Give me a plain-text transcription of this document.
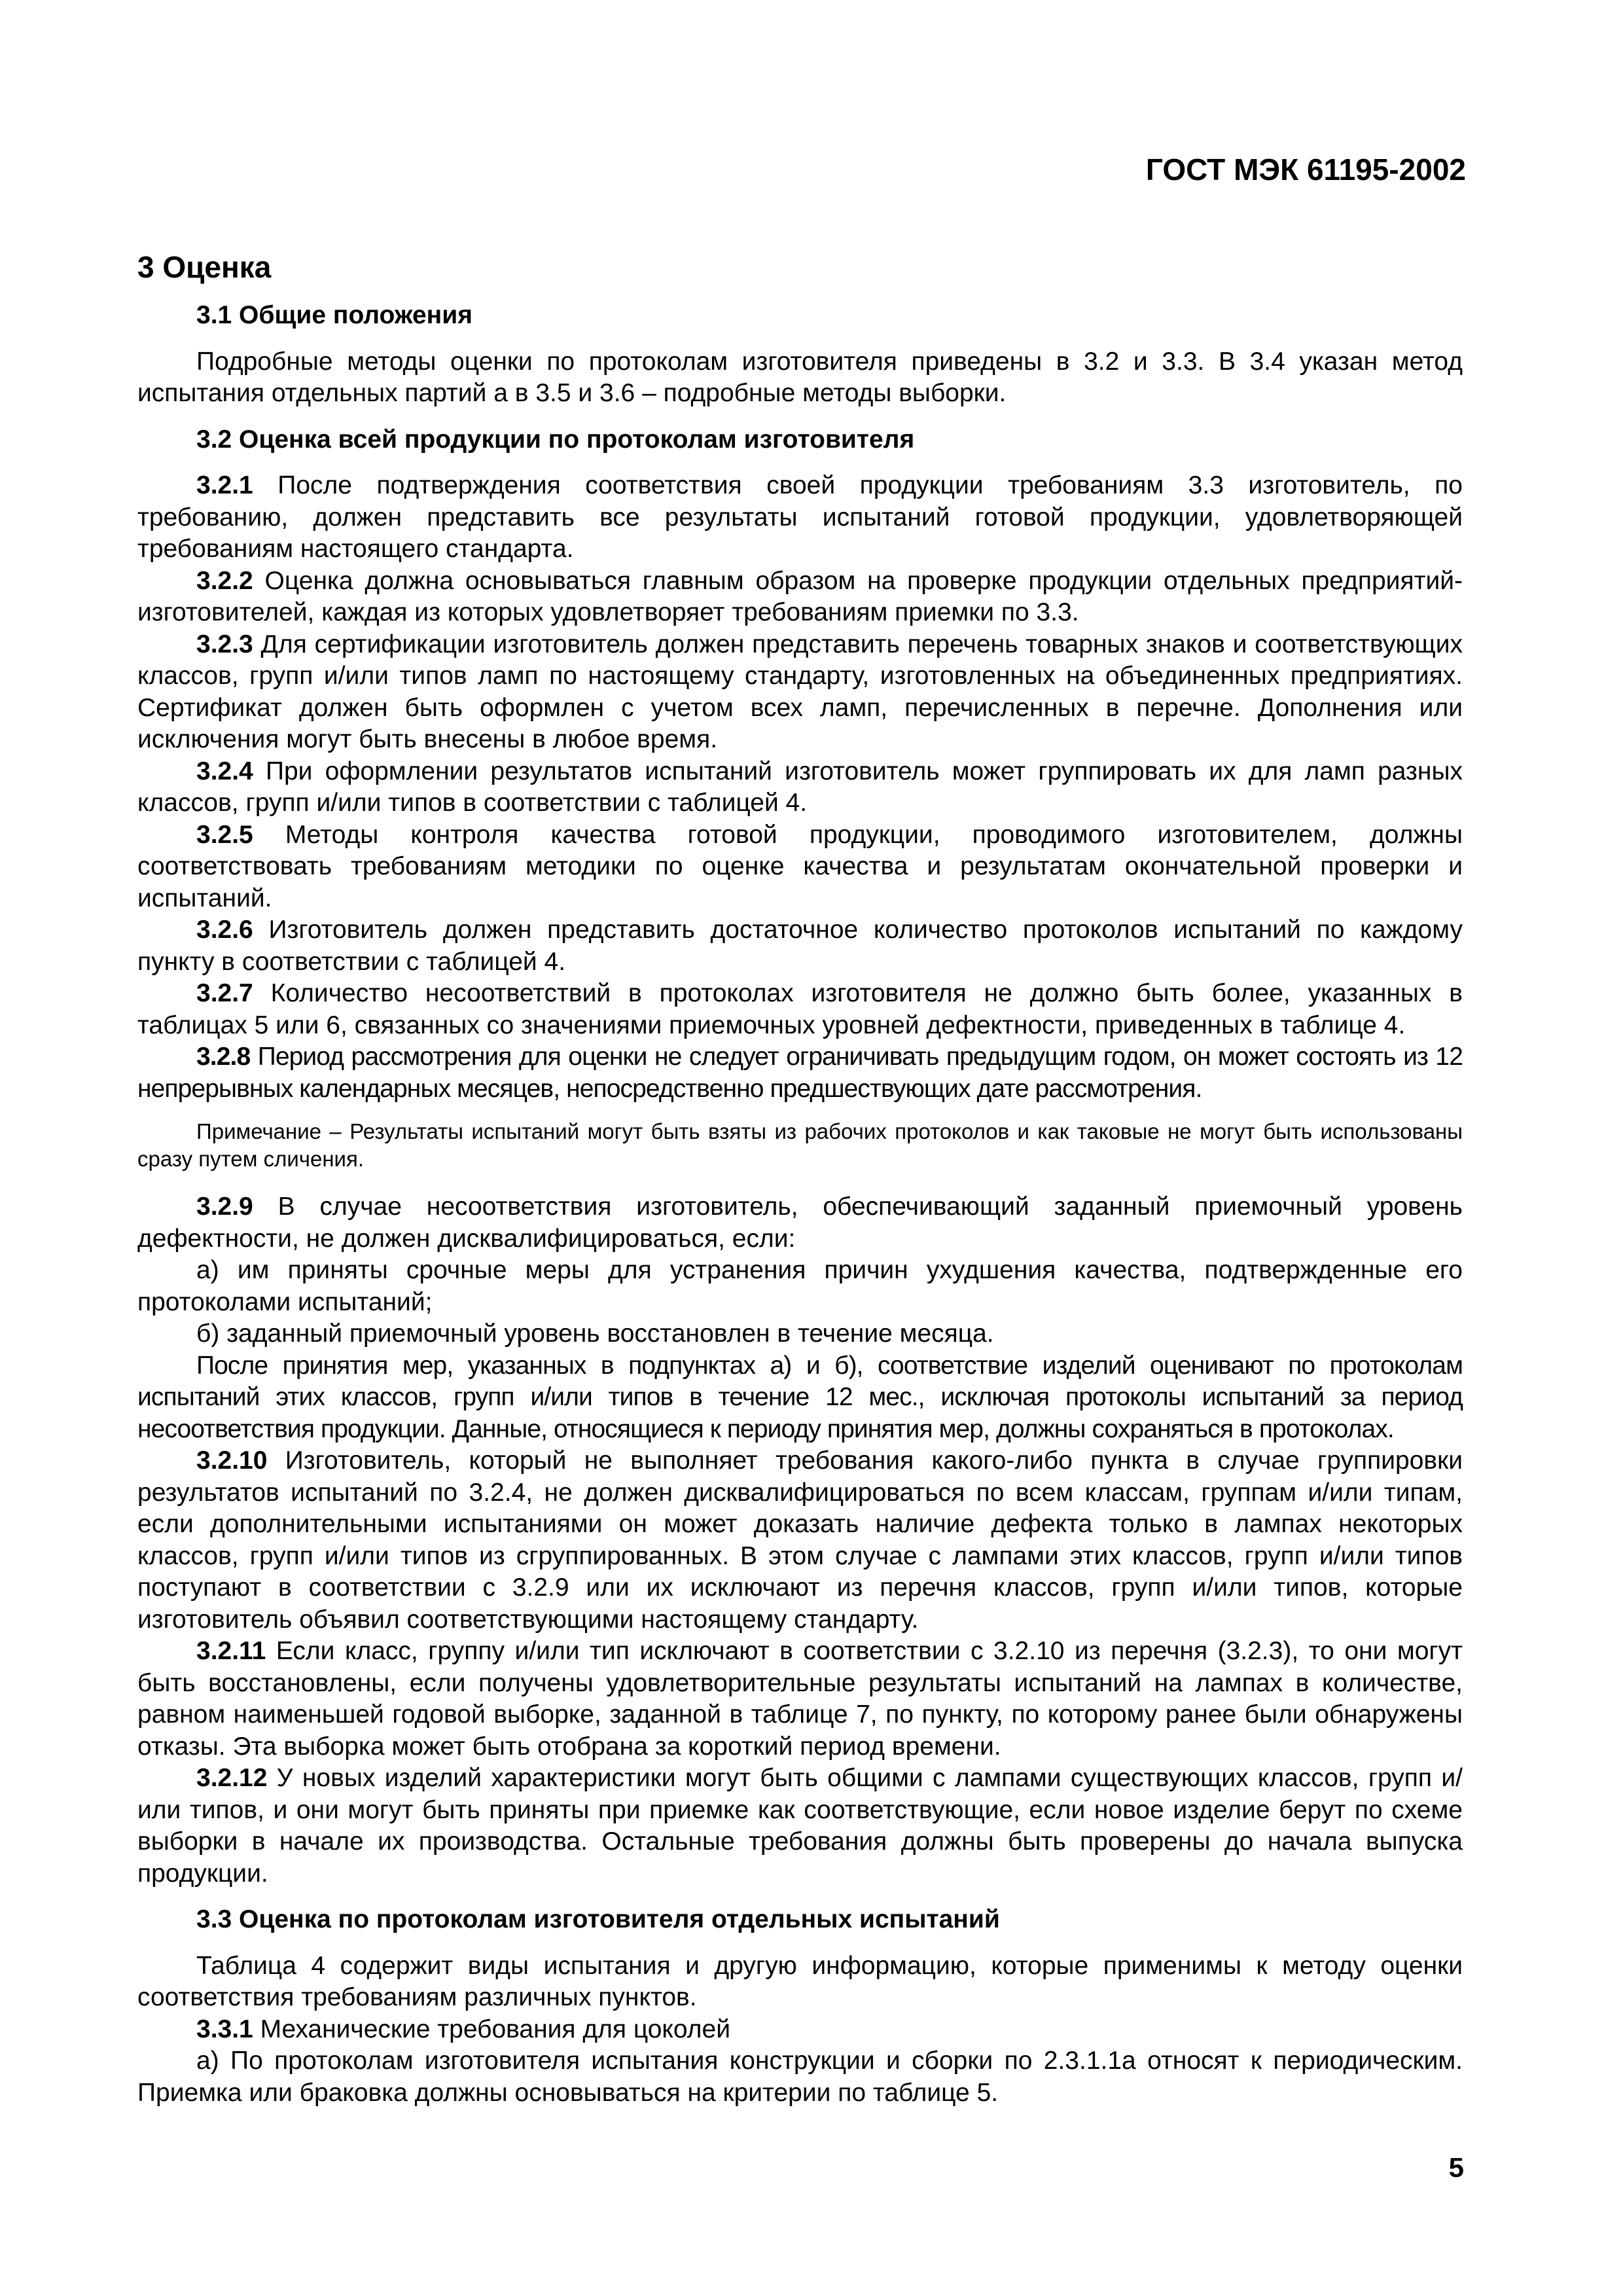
ГОСТ МЭК 61195-2002

3 Оценка

3.1 Общие положения

Подробные методы оценки по протоколам изготовителя приведены в 3.2 и 3.3. В 3.4 указан метод испытания отдельных партий а в 3.5 и 3.6 – подробные методы выборки.

3.2 Оценка всей продукции по протоколам изготовителя

3.2.1 После подтверждения соответствия своей продукции требованиям 3.3 изготовитель, по требованию, должен представить все результаты испытаний готовой продукции, удовлетворяющей требованиям настоящего стандарта.

3.2.2 Оценка должна основываться главным образом на проверке продукции отдельных предприятий-изготовителей, каждая из которых удовлетворяет требованиям приемки по 3.3.

3.2.3 Для сертификации изготовитель должен представить перечень товарных знаков и соответствующих классов, групп и/или типов ламп по настоящему стандарту, изготовленных на объединенных предприятиях. Сертификат должен быть оформлен с учетом всех ламп, перечисленных в перечне. Дополнения или исключения могут быть внесены в любое время.

3.2.4 При оформлении результатов испытаний изготовитель может группировать их для ламп разных классов, групп и/или типов в соответствии с таблицей 4.

3.2.5 Методы контроля качества готовой продукции, проводимого изготовителем, должны соответствовать требованиям методики по оценке качества и результатам окончательной проверки и испытаний.

3.2.6 Изготовитель должен представить достаточное количество протоколов испытаний по каждому пункту в соответствии с таблицей 4.

3.2.7 Количество несоответствий в протоколах изготовителя не должно быть более, указанных в таблицах 5 или 6, связанных со значениями приемочных уровней дефектности, приведенных в таблице 4.

3.2.8 Период рассмотрения для оценки не следует ограничивать предыдущим годом, он может состоять из 12 непрерывных календарных месяцев, непосредственно предшествующих дате рассмотрения.

Примечание – Результаты испытаний могут быть взяты из рабочих протоколов и как таковые не могут быть использованы сразу путем сличения.

3.2.9 В случае несоответствия изготовитель, обеспечивающий заданный приемочный уровень дефектности, не должен дисквалифицироваться, если:

а) им приняты срочные меры для устранения причин ухудшения качества, подтвержденные его протоколами испытаний;

б) заданный приемочный уровень восстановлен в течение месяца.

После принятия мер, указанных в подпунктах а) и б), соответствие изделий оценивают по протоколам испытаний этих классов, групп и/или типов в течение 12 мес., исключая протоколы испытаний за период несоответствия продукции. Данные, относящиеся к периоду принятия мер, должны сохраняться в протоколах.

3.2.10 Изготовитель, который не выполняет требования какого-либо пункта в случае группировки результатов испытаний по 3.2.4, не должен дисквалифицироваться по всем классам, группам и/или типам, если дополнительными испытаниями он может доказать наличие дефекта только в лампах некоторых классов, групп и/или типов из сгруппированных. В этом случае с лампами этих классов, групп и/или типов поступают в соответствии с 3.2.9 или их исключают из перечня классов, групп и/или типов, которые изготовитель объявил соответствующими настоящему стандарту.

3.2.11 Если класс, группу и/или тип исключают в соответствии с 3.2.10 из перечня (3.2.3), то они могут быть восстановлены, если получены удовлетворительные результаты испытаний на лампах в количестве, равном наименьшей годовой выборке, заданной в таблице 7, по пункту, по которому ранее были обнаружены отказы. Эта выборка может быть отобрана за короткий период времени.

3.2.12 У новых изделий характеристики могут быть общими с лампами существующих классов, групп и/или типов, и они могут быть приняты при приемке как соответствующие, если новое изделие берут по схеме выборки в начале их производства. Остальные требования должны быть проверены до начала выпуска продукции.

3.3 Оценка по протоколам изготовителя отдельных испытаний

Таблица 4 содержит виды испытания и другую информацию, которые применимы к методу оценки соответствия требованиям различных пунктов.

3.3.1 Механические требования для цоколей

а) По протоколам изготовителя испытания конструкции и сборки по 2.3.1.1а относят к периодическим. Приемка или браковка должны основываться на критерии по таблице 5.

5
